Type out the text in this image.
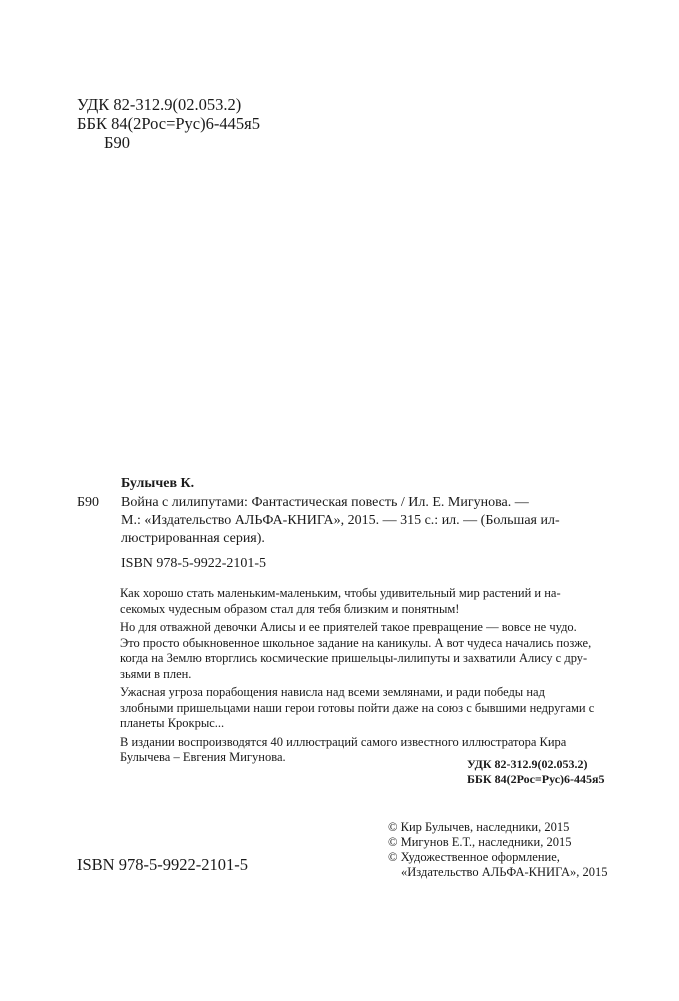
УДК 82-312.9(02.053.2)
ББК 84(2Рос=Рус)6-445я5
Б90
Булычев К.
Б90 Война с лилипутами: Фантастическая повесть / Ил. Е. Мигунова. —
М.: «Издательство АЛЬФА-КНИГА», 2015. — 315 с.: ил. — (Большая ил-
люстрированная серия).
ISBN 978-5-9922-2101-5

Как хорошо стать маленьким-маленьким, чтобы удивительный мир растений и на-
секомых чудесным образом стал для тебя близким и понятным!

Но для отважной девочки Алисы и ее приятелей такое превращение — вовсе не чудо.
Это просто обыкновенное школьное задание на каникулы. А вот чудеса начались позже,
когда на Землю вторглись космические пришельцы-лилипуты и захватили Алису с дру-
зьями в плен.

Ужасная угроза порабощения нависла над всеми землянами, и ради победы над
злобными пришельцами наши герои готовы пойти даже на союз с бывшими недругами с
планеты Крокрыс...

В издании воспроизводятся 40 иллюстраций самого известного иллюстратора Кира
Булычева – Евгения Мигунова.	УДК 82-312.9(02.053.2)
ББК 84(2Рос=Рус)6-445я5
© Кир Булычев, наследники, 2015
© Мигунов Е.Т., наследники, 2015
© Художественное оформление,
«Издательство АЛЬФА-КНИГА», 2015
ISBN 978-5-9922-2101-5
